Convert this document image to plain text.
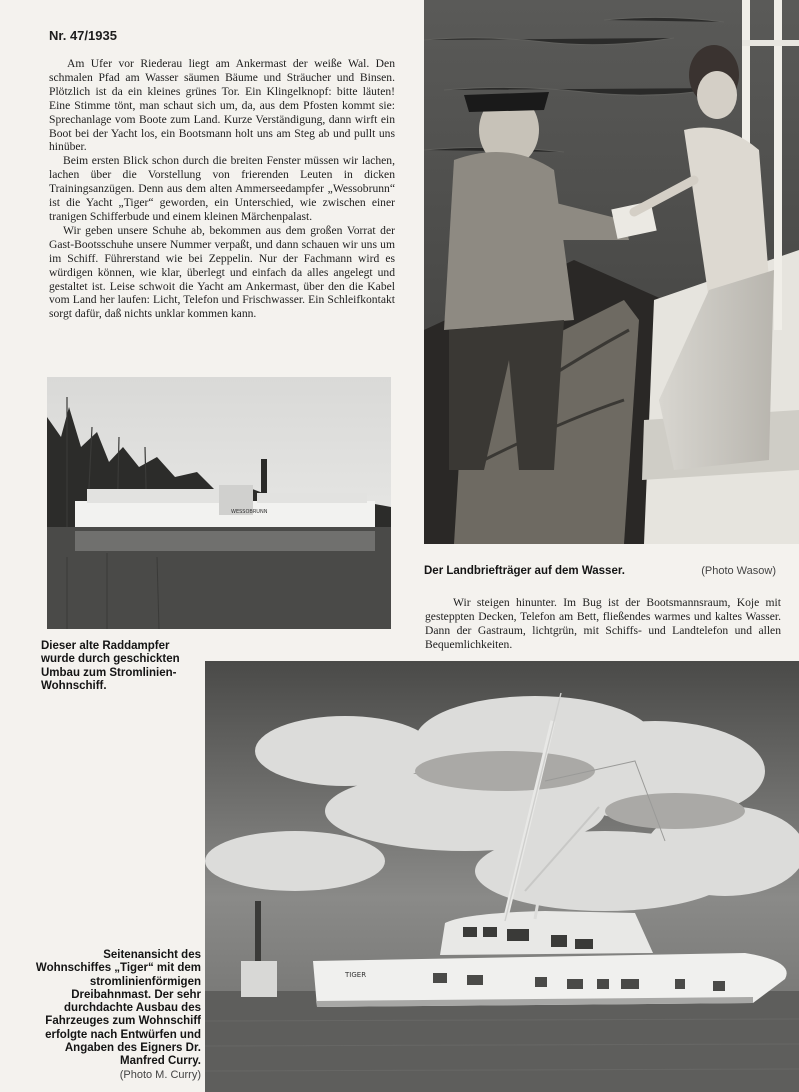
Nr. 47/1935

Am Ufer vor Riederau liegt am Ankermast der weiße Wal. Den schmalen Pfad am Wasser säumen Bäume und Sträucher und Binsen. Plötzlich ist da ein kleines grünes Tor. Ein Klingelknopf: bitte läuten! Eine Stimme tönt, man schaut sich um, da, aus dem Pfosten kommt sie: Sprechanlage vom Boote zum Land. Kurze Verständigung, dann wirft ein Boot bei der Yacht los, ein Bootsmann holt uns am Steg ab und pullt uns hinüber.

Beim ersten Blick schon durch die breiten Fenster müssen wir lachen, lachen über die Vorstellung von frierenden Leuten in dicken Trainingsanzügen. Denn aus dem alten Ammerseedampfer „Wessobrunn“ ist die Yacht „Tiger“ geworden, ein Unterschied, wie zwischen einer tranigen Schifferbude und einem kleinen Märchenpalast.

Wir geben unsere Schuhe ab, bekommen aus dem großen Vorrat der Gast-Bootsschuhe unsere Nummer verpaßt, und dann schauen wir uns um im Schiff. Führerstand wie bei Zeppelin. Nur der Fachmann wird es würdigen können, wie klar, überlegt und einfach da alles angelegt und gestaltet ist. Leise schwoit die Yacht am Ankermast, über den die Kabel vom Land her laufen: Licht, Telefon und Frischwasser. Ein Schleifkontakt sorgt dafür, daß nichts unklar kommen kann.

Der Landbriefträger auf dem Wasser.	(Photo Wasow)

Wir steigen hinunter. Im Bug ist der Bootsmannsraum, Koje mit gesteppten Decken, Telefon am Bett, fließendes warmes und kaltes Wasser. Dann der Gastraum, lichtgrün, mit Schiffs- und Landtelefon und allen Bequemlichkeiten.

WESSOBRUNN
Dieser alte Raddampfer wurde durch geschickten Umbau zum Stromlinien-Wohnschiff.
TIGER
Seitenansicht des Wohnschiffes „Tiger“ mit dem stromlinienförmigen Dreibahnmast. Der sehr durchdachte Ausbau des Fahrzeuges zum Wohnschiff erfolgte nach Entwürfen und Angaben des Eigners Dr. Manfred Curry.
(Photo M. Curry)
